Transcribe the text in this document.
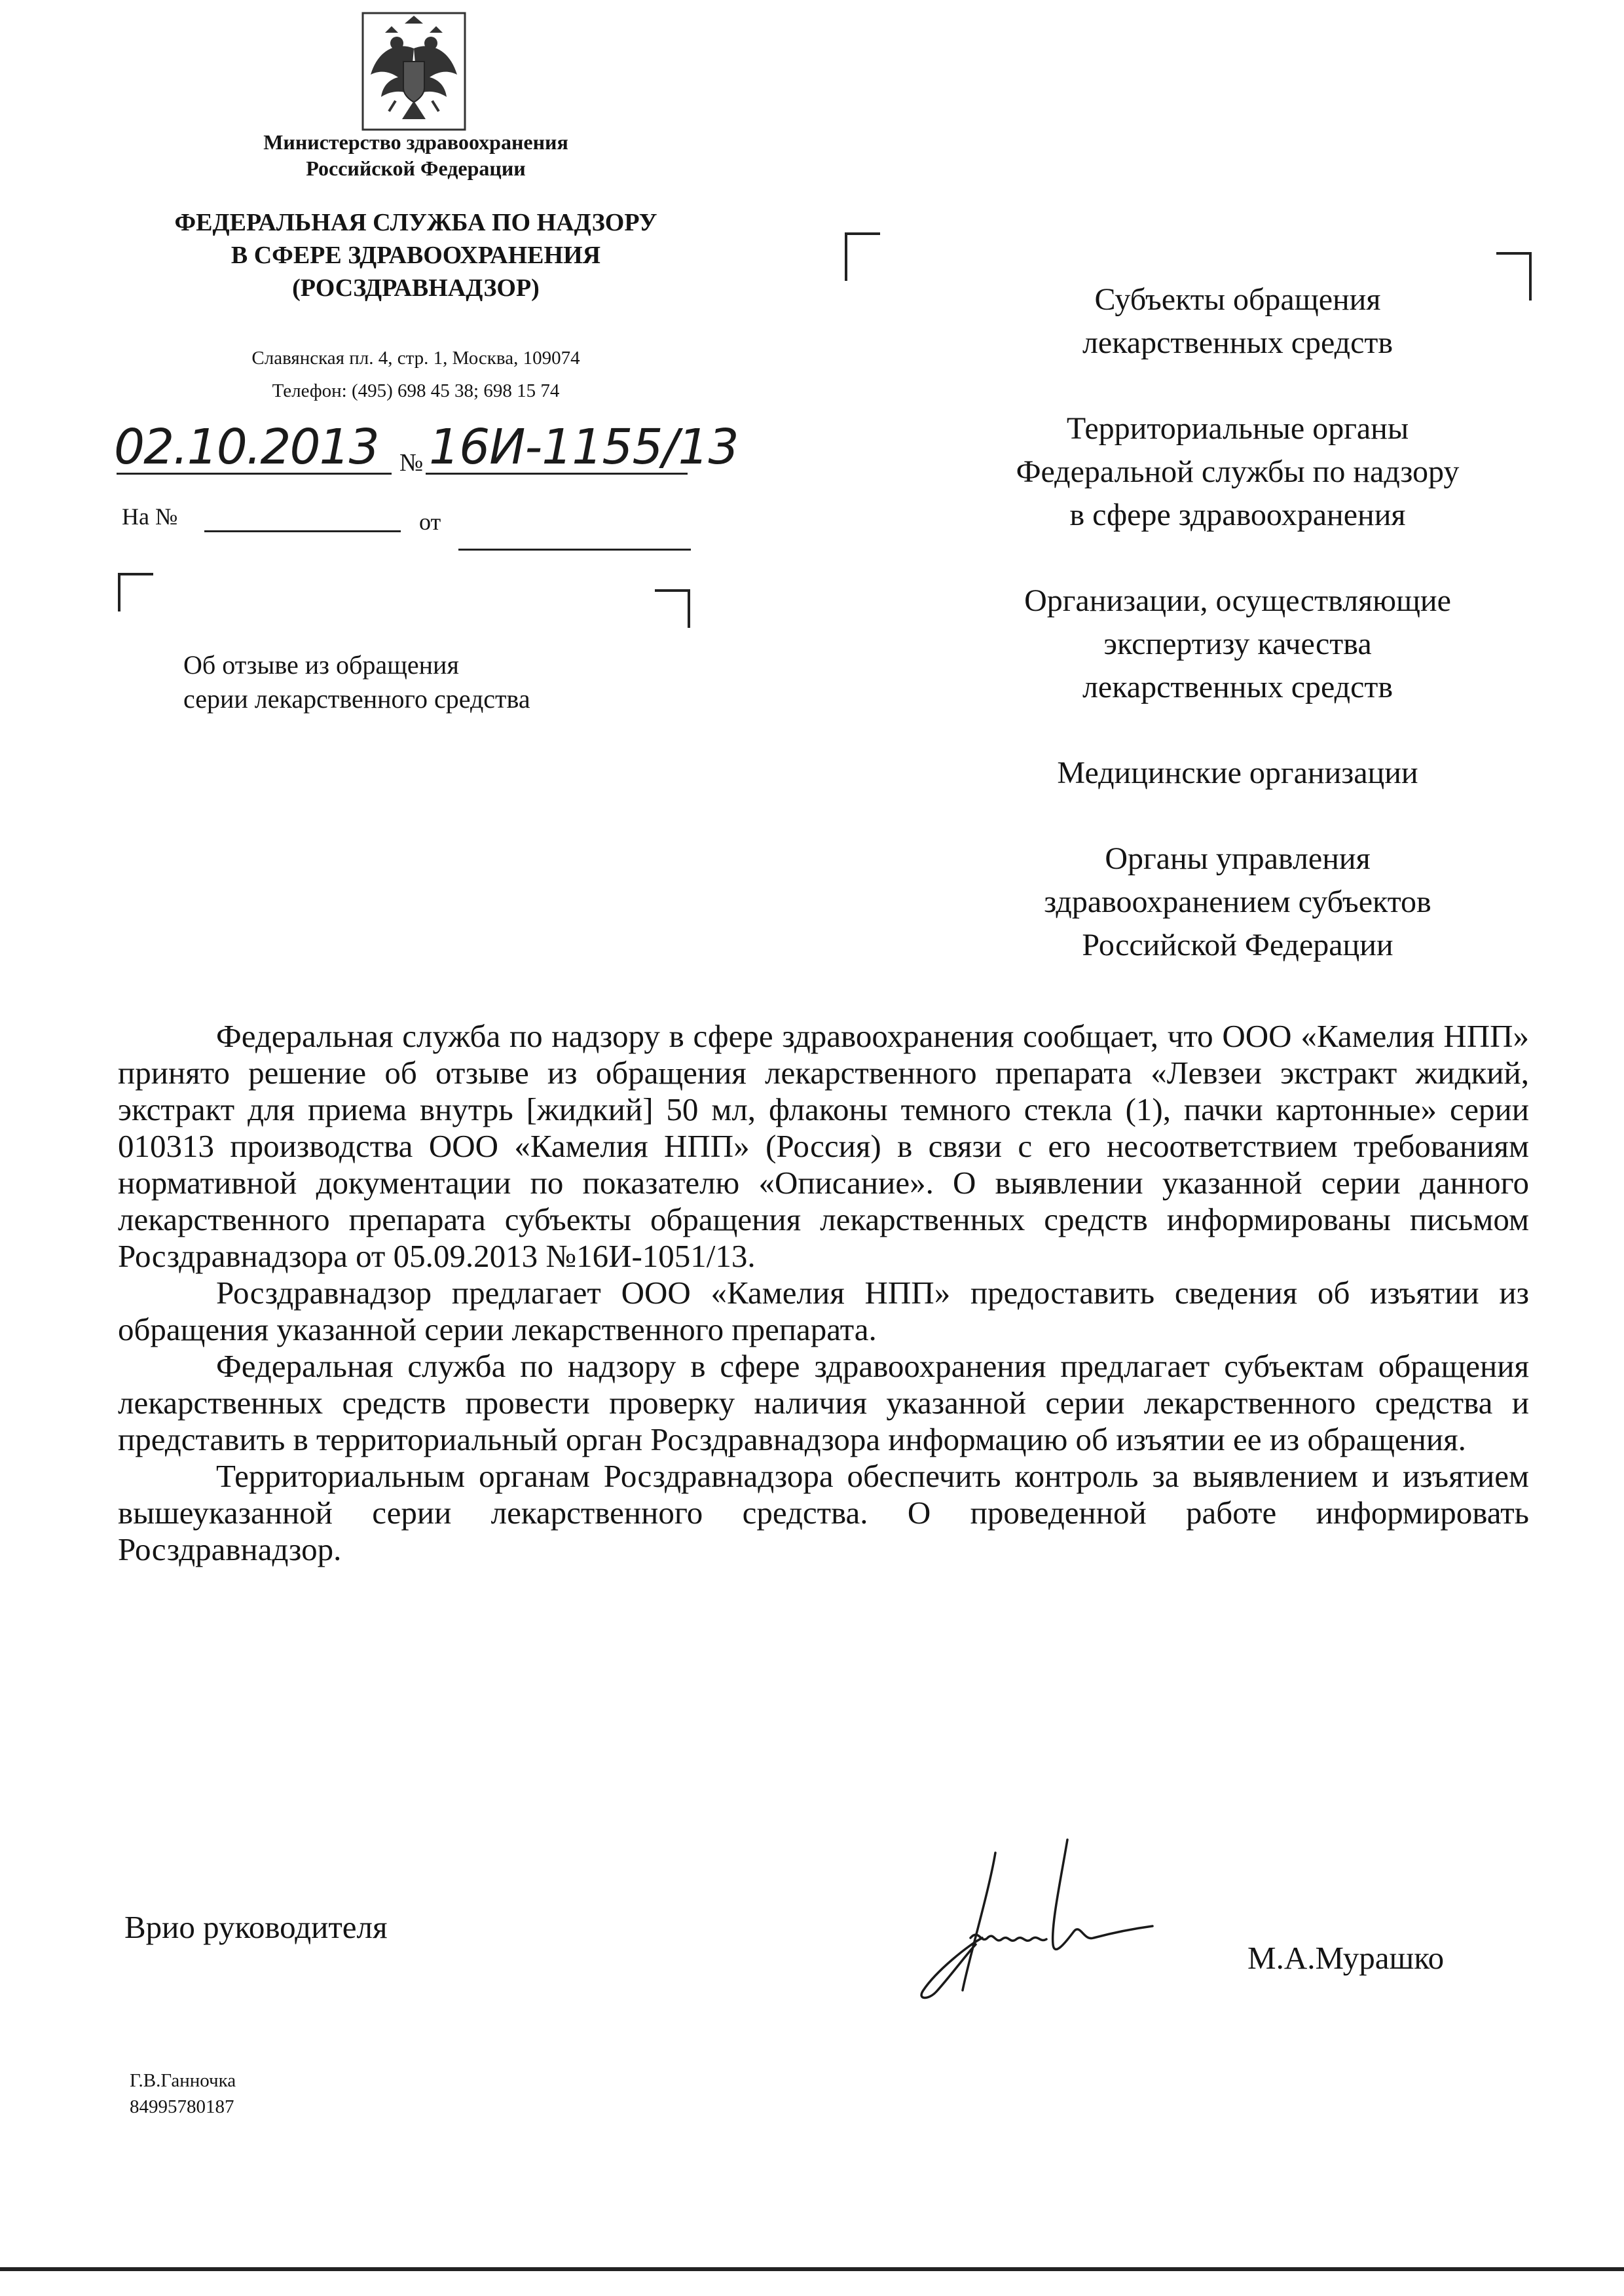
Министерство здравоохранения
Российской Федерации
ФЕДЕРАЛЬНАЯ СЛУЖБА ПО НАДЗОРУ
В СФЕРЕ ЗДРАВООХРАНЕНИЯ
(РОСЗДРАВНАДЗОР)
Славянская пл. 4, стр. 1, Москва, 109074
Телефон: (495) 698 45 38; 698 15 74
02.10.2013 № 16И-1155/13
На №	от
Об отзыве из обращения
серии лекарственного средства

Субъекты обращения
лекарственных средств

Территориальные органы
Федеральной службы по надзору
в сфере здравоохранения

Организации, осуществляющие
экспертизу качества
лекарственных средств

Медицинские организации

Органы управления
здравоохранением субъектов
Российской Федерации

Федеральная служба по надзору в сфере здравоохранения сообщает, что ООО «Камелия НПП» принято решение об отзыве из обращения лекарственного препарата «Левзеи экстракт жидкий, экстракт для приема внутрь [жидкий] 50 мл, флаконы темного стекла (1), пачки картонные» серии 010313 производства ООО «Камелия НПП» (Россия) в связи с его несоответствием требованиям нормативной документации по показателю «Описание». О выявлении указанной серии данного лекарственного препарата субъекты обращения лекарственных средств информированы письмом Росздравнадзора от 05.09.2013 №16И-1051/13.

Росздравнадзор предлагает ООО «Камелия НПП» предоставить сведения об изъятии из обращения указанной серии лекарственного препарата.

Федеральная служба по надзору в сфере здравоохранения предлагает субъектам обращения лекарственных средств провести проверку наличия указанной серии лекарственного средства и представить в территориальный орган Росздравнадзора информацию об изъятии ее из обращения.

Территориальным органам Росздравнадзора обеспечить контроль за выявлением и изъятием вышеуказанной серии лекарственного средства. О проведенной работе информировать Росздравнадзор.

Врио руководителя
М.А.Мурашко
Г.В.Ганночка
84995780187
